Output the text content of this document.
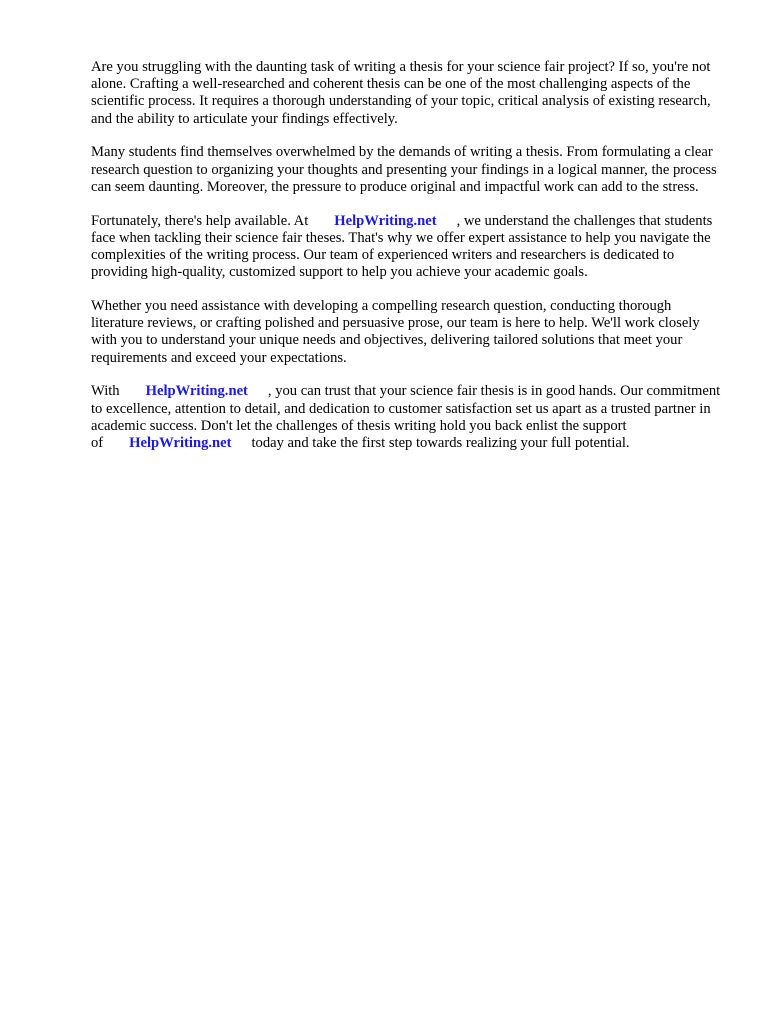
Are you struggling with the daunting task of writing a thesis for your science fair project? If so, you're not alone. Crafting a well-researched and coherent thesis can be one of the most challenging aspects of the scientific process. It requires a thorough understanding of your topic, critical analysis of existing research, and the ability to articulate your findings effectively.

Many students find themselves overwhelmed by the demands of writing a thesis. From formulating a clear research question to organizing your thoughts and presenting your findings in a logical manner, the process can seem daunting. Moreover, the pressure to produce original and impactful work can add to the stress.

Fortunately, there's help available. At HelpWriting.net , we understand the challenges that students face when tackling their science fair theses. That's why we offer expert assistance to help you navigate the complexities of the writing process. Our team of experienced writers and researchers is dedicated to providing high-quality, customized support to help you achieve your academic goals.

Whether you need assistance with developing a compelling research question, conducting thorough literature reviews, or crafting polished and persuasive prose, our team is here to help. We'll work closely with you to understand your unique needs and objectives, delivering tailored solutions that meet your requirements and exceed your expectations.

With HelpWriting.net , you can trust that your science fair thesis is in good hands. Our commitment to excellence, attention to detail, and dedication to customer satisfaction set us apart as a trusted partner in academic success. Don't let the challenges of thesis writing hold you back enlist the support of HelpWriting.net today and take the first step towards realizing your full potential.
